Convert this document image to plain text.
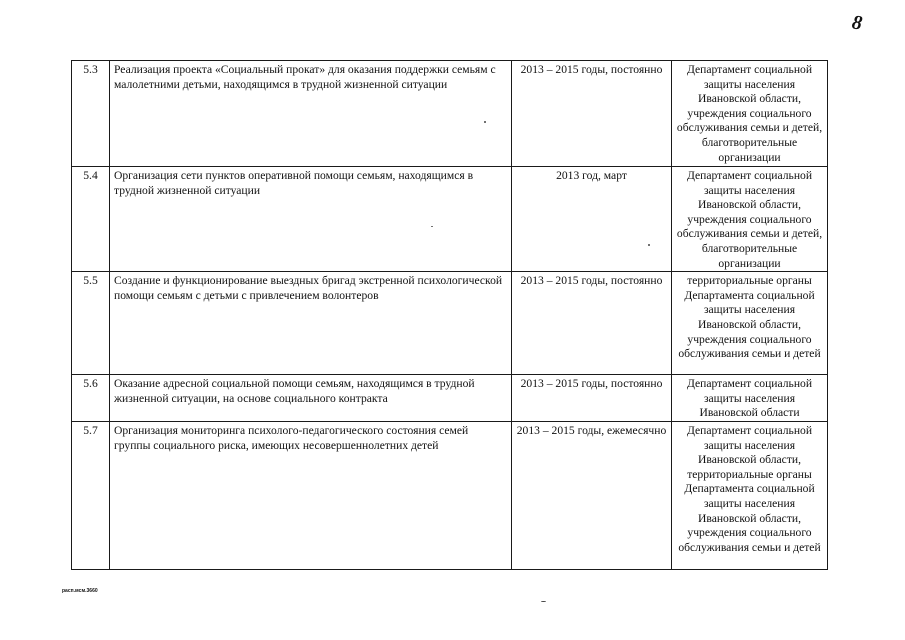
8
5.3	Реализация проекта «Социальный прокат» для оказания поддержки семьям с малолетними детьми, находящимся в трудной жизненной ситуации	2013 – 2015 годы, постоянно	Департамент социальной защиты населения Ивановской области, учреждения социального обслуживания семьи и детей, благотворительные организации
5.4	Организация сети пунктов оперативной помощи семьям, находящимся в трудной жизненной ситуации	2013 год, март	Департамент социальной защиты населения Ивановской области, учреждения социального обслуживания семьи и детей, благотворительные организации
5.5	Создание и функционирование выездных бригад экстренной психологической помощи семьям с детьми с привлечением волонтеров	2013 – 2015 годы, постоянно	территориальные органы Департамента социальной защиты населения Ивановской области, учреждения социального обслуживания семьи и детей
5.6	Оказание адресной социальной помощи семьям, находящимся в трудной жизненной ситуации, на основе социального контракта	2013 – 2015 годы, постоянно	Департамент социальной защиты населения Ивановской области
5.7	Организация мониторинга психолого-педагогического состояния семей группы социального риска, имеющих несовершеннолетних детей	2013 – 2015 годы, ежемесячно	Департамент социальной защиты населения Ивановской области, территориальные органы Департамента социальной защиты населения Ивановской области, учреждения социального обслуживания семьи и детей
расп.мсм.3660
